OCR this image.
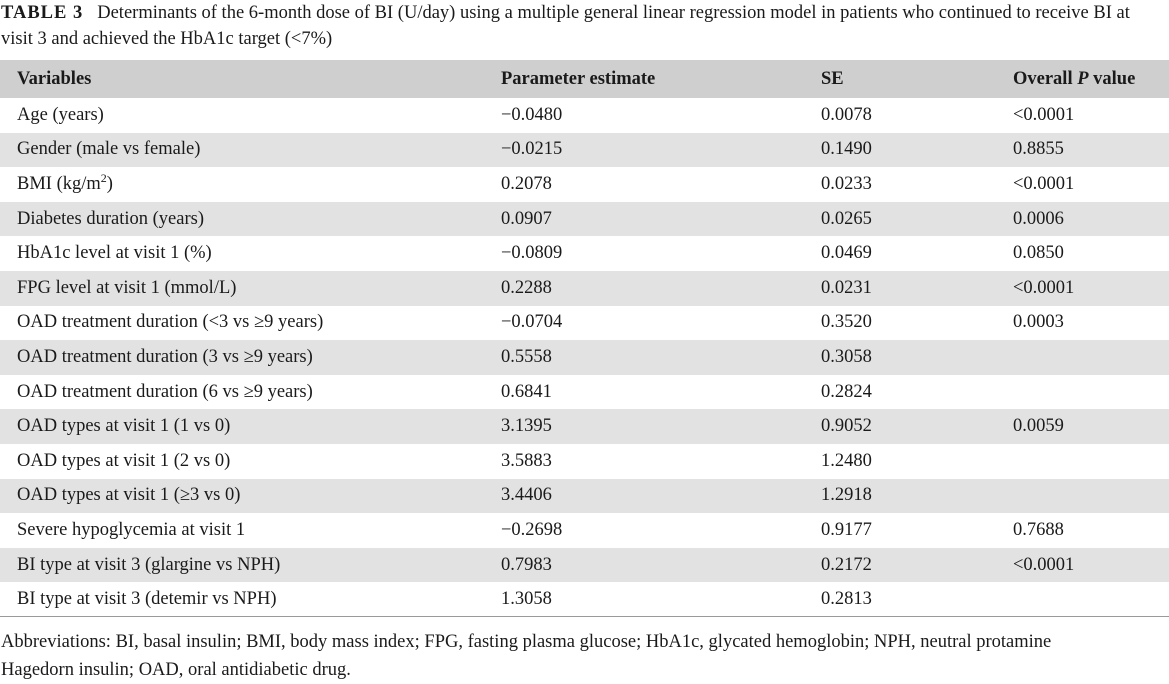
TABLE 3 Determinants of the 6-month dose of BI (U/day) using a multiple general linear regression model in patients who continued to receive BI at visit 3 and achieved the HbA1c target (<7%)
Variables	Parameter estimate	SE	Overall P value
Age (years)	−0.0480	0.0078	<0.0001
Gender (male vs female)	−0.0215	0.1490	0.8855
BMI $(kg/m^2)$	0.2078	0.0233	<0.0001
Diabetes duration (years)	0.0907	0.0265	0.0006
HbA1c level at visit 1 (%)	−0.0809	0.0469	0.0850
FPG level at visit 1 (mmol/L)	0.2288	0.0231	<0.0001
OAD treatment duration (<3 vs ≥9 years)	−0.0704	0.3520	0.0003
OAD treatment duration (3 vs ≥9 years)	0.5558	0.3058	
OAD treatment duration (6 vs ≥9 years)	0.6841	0.2824	
OAD types at visit 1 (1 vs 0)	3.1395	0.9052	0.0059
OAD types at visit 1 (2 vs 0)	3.5883	1.2480	
OAD types at visit 1 (≥3 vs 0)	3.4406	1.2918	
Severe hypoglycemia at visit 1	−0.2698	0.9177	0.7688
BI type at visit 3 (glargine vs NPH)	0.7983	0.2172	<0.0001
BI type at visit 3 (detemir vs NPH)	1.3058	0.2813	
Abbreviations: BI, basal insulin; BMI, body mass index; FPG, fasting plasma glucose; HbA1c, glycated hemoglobin; NPH, neutral protamine
Hagedorn insulin; OAD, oral antidiabetic drug.
